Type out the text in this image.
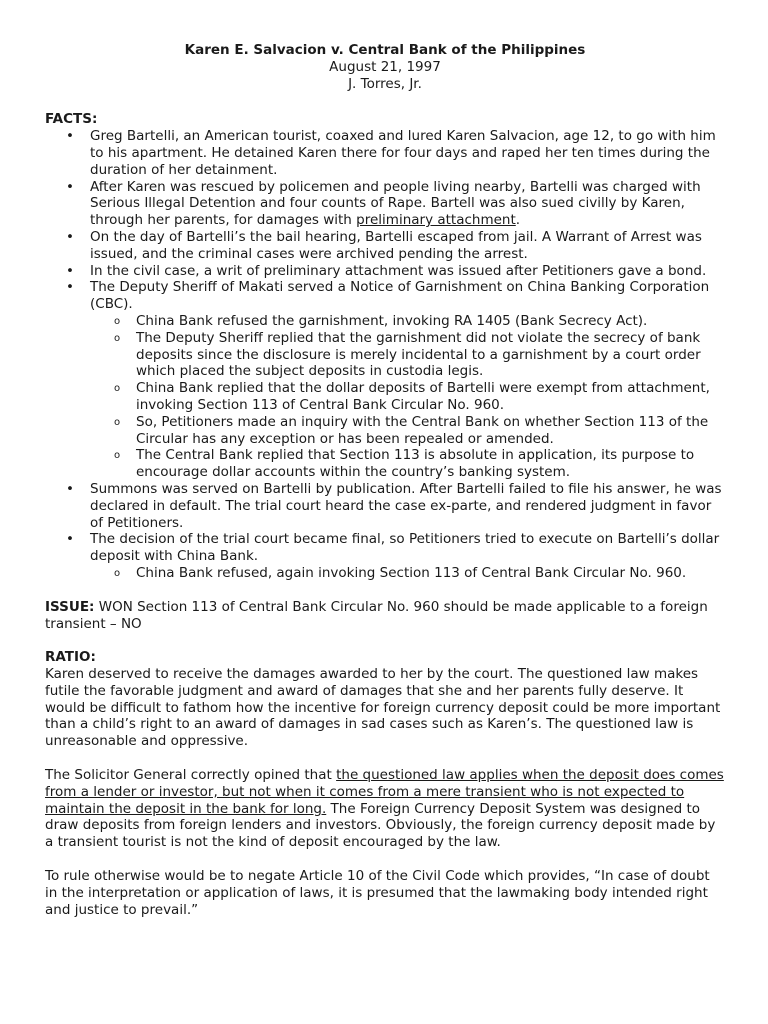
Karen E. Salvacion v. Central Bank of the Philippines
August 21, 1997
J. Torres, Jr.
FACTS:
• Greg Bartelli, an American tourist, coaxed and lured Karen Salvacion, age 12, to go with him to his apartment. He detained Karen there for four days and raped her ten times during the duration of her detainment.
• After Karen was rescued by policemen and people living nearby, Bartelli was charged with Serious Illegal Detention and four counts of Rape. Bartell was also sued civilly by Karen, through her parents, for damages with preliminary attachment.
• On the day of Bartelli’s the bail hearing, Bartelli escaped from jail. A Warrant of Arrest was issued, and the criminal cases were archived pending the arrest.
• In the civil case, a writ of preliminary attachment was issued after Petitioners gave a bond.
• The Deputy Sheriff of Makati served a Notice of Garnishment on China Banking Corporation (CBC).
o China Bank refused the garnishment, invoking RA 1405 (Bank Secrecy Act).
o The Deputy Sheriff replied that the garnishment did not violate the secrecy of bank deposits since the disclosure is merely incidental to a garnishment by a court order which placed the subject deposits in custodia legis.
o China Bank replied that the dollar deposits of Bartelli were exempt from attachment, invoking Section 113 of Central Bank Circular No. 960.
o So, Petitioners made an inquiry with the Central Bank on whether Section 113 of the Circular has any exception or has been repealed or amended.
o The Central Bank replied that Section 113 is absolute in application, its purpose to encourage dollar accounts within the country’s banking system.
• Summons was served on Bartelli by publication. After Bartelli failed to file his answer, he was declared in default. The trial court heard the case ex-parte, and rendered judgment in favor of Petitioners.
• The decision of the trial court became final, so Petitioners tried to execute on Bartelli’s dollar deposit with China Bank.
o China Bank refused, again invoking Section 113 of Central Bank Circular No. 960.
ISSUE: WON Section 113 of Central Bank Circular No. 960 should be made applicable to a foreign transient – NO
RATIO:
Karen deserved to receive the damages awarded to her by the court. The questioned law makes futile the favorable judgment and award of damages that she and her parents fully deserve. It would be difficult to fathom how the incentive for foreign currency deposit could be more important than a child’s right to an award of damages in sad cases such as Karen’s. The questioned law is unreasonable and oppressive.
The Solicitor General correctly opined that the questioned law applies when the deposit does comes from a lender or investor, but not when it comes from a mere transient who is not expected to maintain the deposit in the bank for long. The Foreign Currency Deposit System was designed to draw deposits from foreign lenders and investors. Obviously, the foreign currency deposit made by a transient tourist is not the kind of deposit encouraged by the law.
To rule otherwise would be to negate Article 10 of the Civil Code which provides, “In case of doubt in the interpretation or application of laws, it is presumed that the lawmaking body intended right and justice to prevail.”
